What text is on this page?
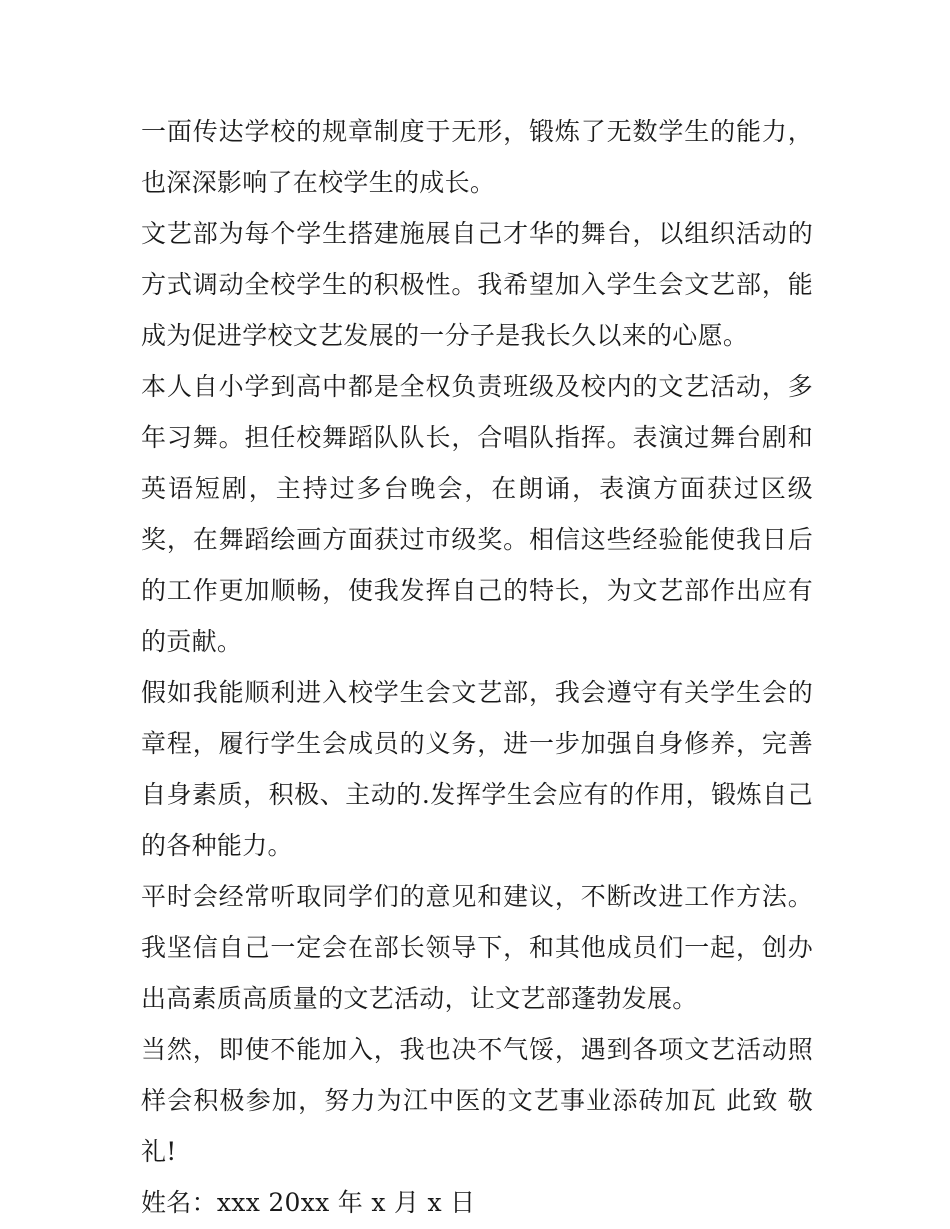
一面传达学校的规章制度于无形，锻炼了无数学生的能力，也深深影响了在校学生的成长。

文艺部为每个学生搭建施展自己才华的舞台，以组织活动的方式调动全校学生的积极性。我希望加入学生会文艺部，能成为促进学校文艺发展的一分子是我长久以来的心愿。

本人自小学到高中都是全权负责班级及校内的文艺活动，多年习舞。担任校舞蹈队队长，合唱队指挥。表演过舞台剧和英语短剧，主持过多台晚会，在朗诵，表演方面获过区级奖，在舞蹈绘画方面获过市级奖。相信这些经验能使我日后的工作更加顺畅，使我发挥自己的特长，为文艺部作出应有的贡献。

假如我能顺利进入校学生会文艺部，我会遵守有关学生会的章程，履行学生会成员的义务，进一步加强自身修养，完善自身素质，积极、主动的.发挥学生会应有的作用，锻炼自己的各种能力。

平时会经常听取同学们的意见和建议，不断改进工作方法。我坚信自己一定会在部长领导下，和其他成员们一起，创办出高素质高质量的文艺活动，让文艺部蓬勃发展。

当然，即使不能加入，我也决不气馁，遇到各项文艺活动照样会积极参加，努力为江中医的文艺事业添砖加瓦 此致 敬礼!

姓名：xxx 20xx 年 x 月 x 日
